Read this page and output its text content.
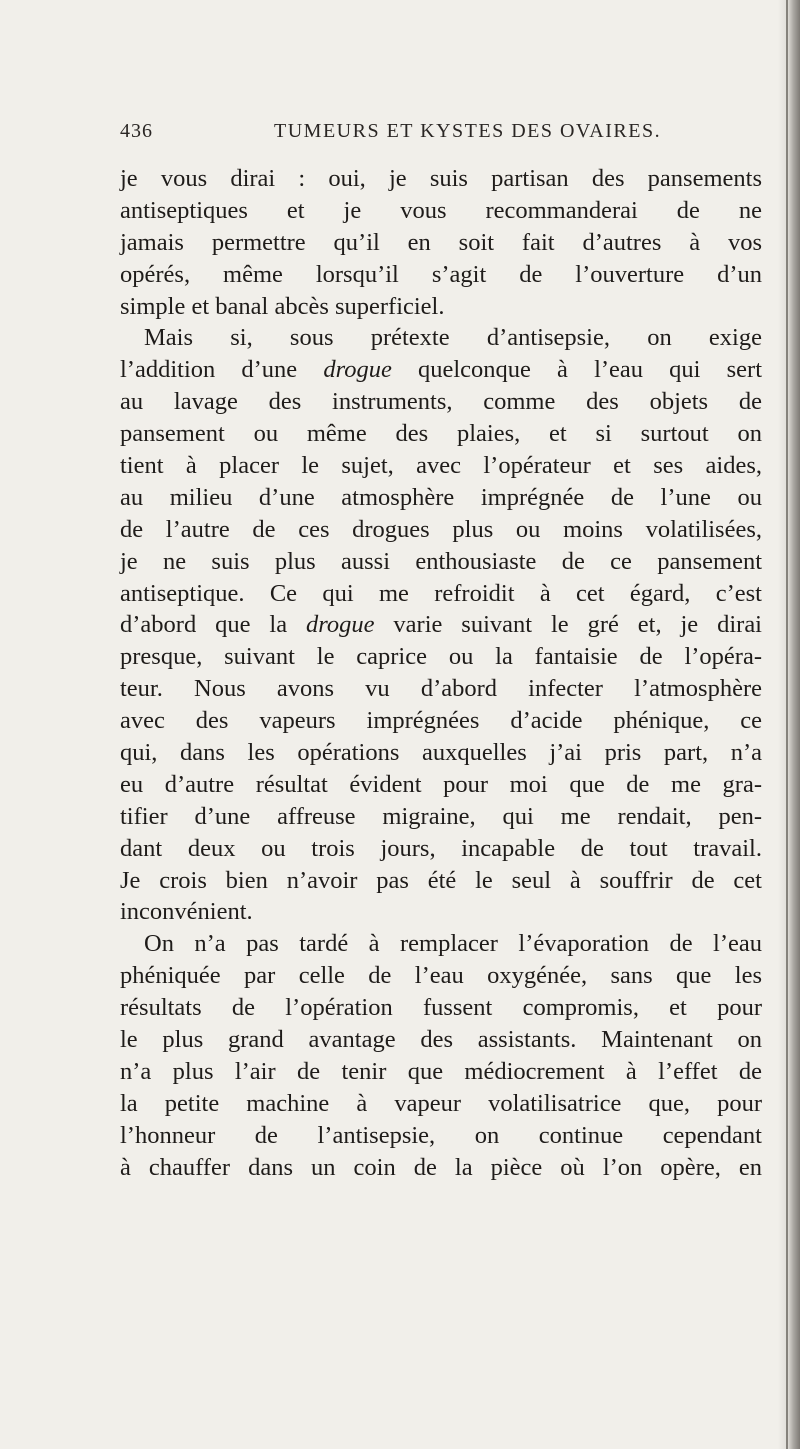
436	TUMEURS ET KYSTES DES OVAIRES.
je vous dirai : oui, je suis partisan des pansements
antiseptiques et je vous recommanderai de ne
jamais permettre qu’il en soit fait d’autres à vos
opérés, même lorsqu’il s’agit de l’ouverture d’un
simple et banal abcès superficiel.
Mais si, sous prétexte d’antisepsie, on exige
l’addition d’une drogue quelconque à l’eau qui sert
au lavage des instruments, comme des objets de
pansement ou même des plaies, et si surtout on
tient à placer le sujet, avec l’opérateur et ses aides,
au milieu d’une atmosphère imprégnée de l’une ou
de l’autre de ces drogues plus ou moins volatilisées,
je ne suis plus aussi enthousiaste de ce pansement
antiseptique. Ce qui me refroidit à cet égard, c’est
d’abord que la drogue varie suivant le gré et, je dirai
presque, suivant le caprice ou la fantaisie de l’opéra-
teur. Nous avons vu d’abord infecter l’atmosphère
avec des vapeurs imprégnées d’acide phénique, ce
qui, dans les opérations auxquelles j’ai pris part, n’a
eu d’autre résultat évident pour moi que de me gra-
tifier d’une affreuse migraine, qui me rendait, pen-
dant deux ou trois jours, incapable de tout travail.
Je crois bien n’avoir pas été le seul à souffrir de cet
inconvénient.
On n’a pas tardé à remplacer l’évaporation de l’eau
phéniquée par celle de l’eau oxygénée, sans que les
résultats de l’opération fussent compromis, et pour
le plus grand avantage des assistants. Maintenant on
n’a plus l’air de tenir que médiocrement à l’effet de
la petite machine à vapeur volatilisatrice que, pour
l’honneur de l’antisepsie, on continue cependant
à chauffer dans un coin de la pièce où l’on opère, en
